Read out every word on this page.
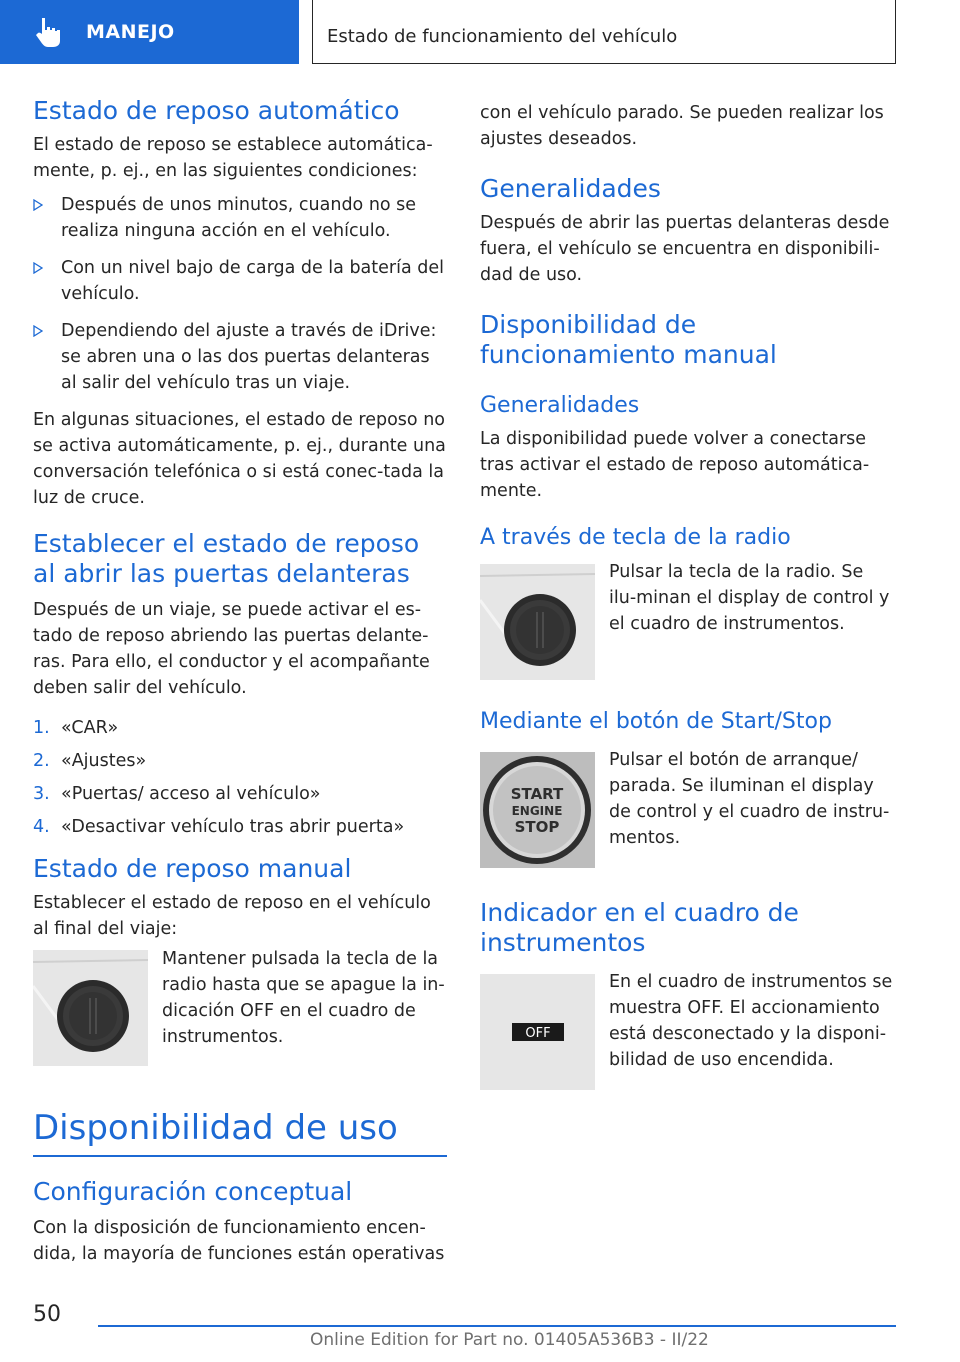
MANEJO	Estado de funcionamiento del vehículo
Estado de reposo automático

El estado de reposo se establece automática‐mente, p. ej., en las siguientes condiciones:

Después de unos minutos, cuando no se realiza ninguna acción en el vehículo.
Con un nivel bajo de carga de la batería del vehículo.
Dependiendo del ajuste a través de iDrive: se abren una o las dos puertas delanteras al salir del vehículo tras un viaje.

En algunas situaciones, el estado de reposo no se activa automáticamente, p. ej., durante una conversación telefónica o si está conec‐tada la luz de cruce.

Establecer el estado de reposo al abrir las puertas delanteras

Después de un viaje, se puede activar el es‐tado de reposo abriendo las puertas delante‐ras. Para ello, el conductor y el acompañante deben salir del vehículo.

1. «CAR»
2. «Ajustes»
3. «Puertas/ acceso al vehículo»
4. «Desactivar vehículo tras abrir puerta»
Estado de reposo manual

Establecer el estado de reposo en el vehículo al final del viaje:

Mantener pulsada la tecla de la radio hasta que se apague la in‐dicación OFF en el cuadro de instrumentos.

Disponibilidad de uso
Configuración conceptual

Con la disposición de funcionamiento encen‐dida, la mayoría de funciones están operativas

con el vehículo parado. Se pueden realizar los ajustes deseados.

Generalidades

Después de abrir las puertas delanteras desde fuera, el vehículo se encuentra en disponibili‐dad de uso.

Disponibilidad de funcionamiento manual
Generalidades

La disponibilidad puede volver a conectarse tras activar el estado de reposo automática‐mente.

A través de tecla de la radio

Pulsar la tecla de la radio. Se ilu‐minan el display de control y el cuadro de instrumentos.

Mediante el botón de Start/Stop
START
ENGINE
STOP

Pulsar el botón de arranque/ parada. Se iluminan el display de control y el cuadro de instru‐mentos.

Indicador en el cuadro de instrumentos
OFF

En el cuadro de instrumentos se muestra OFF. El accionamiento está desconectado y la disponi‐bilidad de uso encendida.

50
Online Edition for Part no. 01405A536B3 - II/22
